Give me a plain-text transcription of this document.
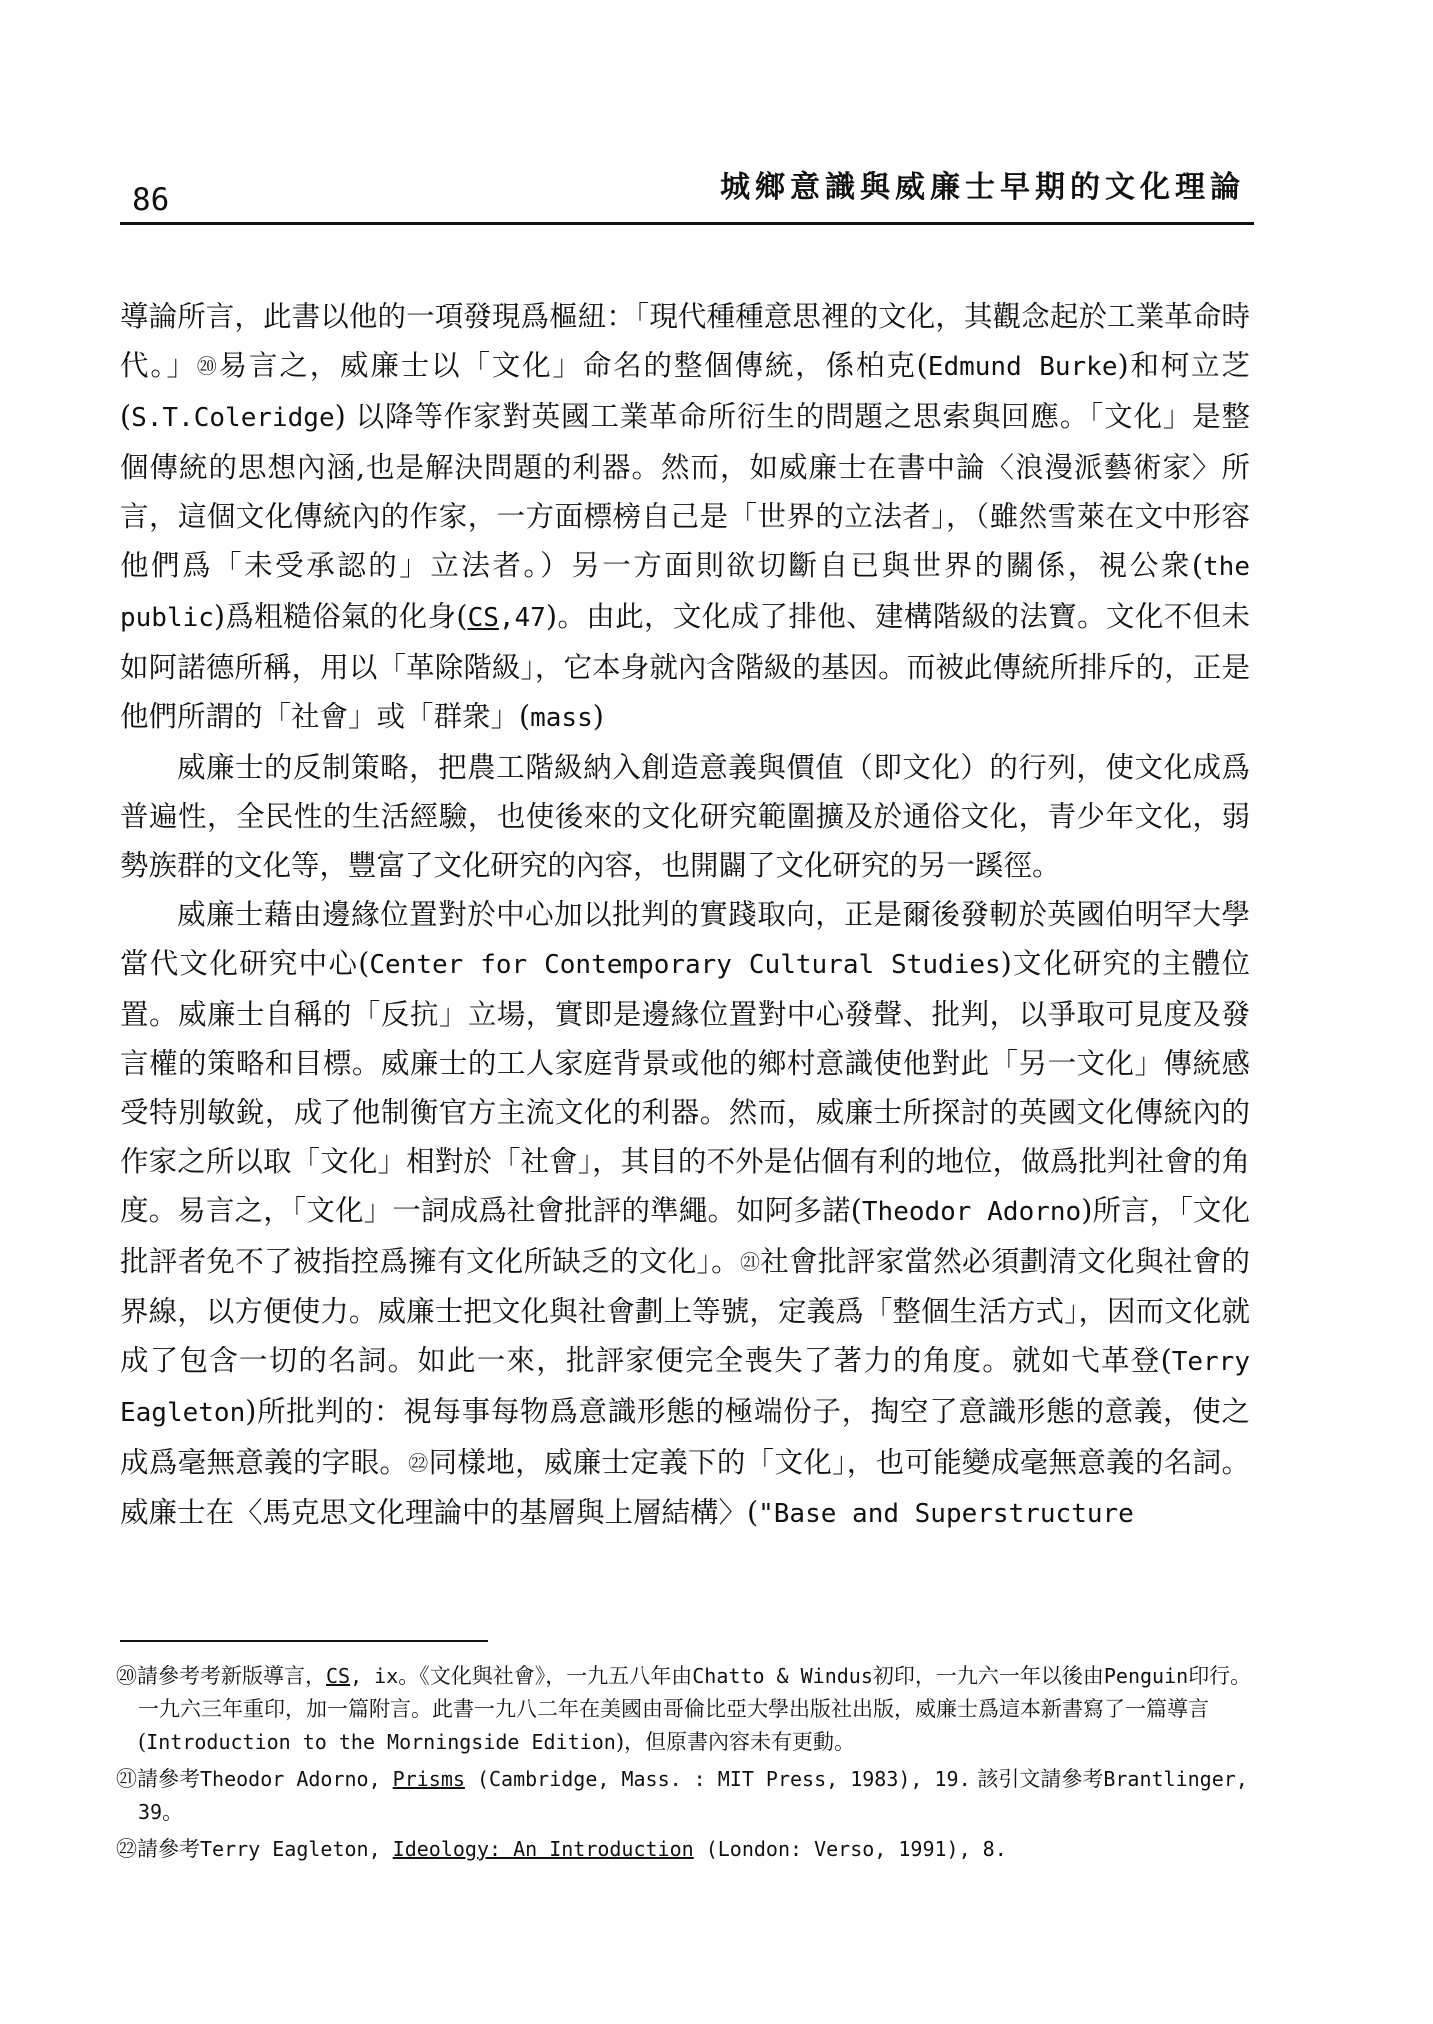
86	城鄉意識與威廉士早期的文化理論

導論所言，此書以他的一項發現爲樞紐：「現代種種意思裡的文化，其觀念起於工業革命時代。」⑳易言之，威廉士以「文化」命名的整個傳統，係柏克(Edmund Burke)和柯立芝(S.T.Coleridge) 以降等作家對英國工業革命所衍生的問題之思索與回應。「文化」是整個傳統的思想內涵,也是解決問題的利器。然而，如威廉士在書中論〈浪漫派藝術家〉所言，這個文化傳統內的作家，一方面標榜自己是「世界的立法者」，（雖然雪萊在文中形容他們爲「未受承認的」立法者。）另一方面則欲切斷自已與世界的關係，視公衆(the public)爲粗糙俗氣的化身(CS,47)。由此，文化成了排他、建構階級的法寶。文化不但未如阿諾德所稱，用以「革除階級」，它本身就內含階級的基因。而被此傳統所排斥的，正是他們所謂的「社會」或「群衆」(mass)

威廉士的反制策略，把農工階級納入創造意義與價值（即文化）的行列，使文化成爲普遍性，全民性的生活經驗，也使後來的文化研究範圍擴及於通俗文化，青少年文化，弱勢族群的文化等，豐富了文化研究的內容，也開闢了文化研究的另一蹊徑。

威廉士藉由邊緣位置對於中心加以批判的實踐取向，正是爾後發軔於英國伯明罕大學當代文化研究中心(Center for Contemporary Cultural Studies)文化研究的主體位置。威廉士自稱的「反抗」立場，實即是邊緣位置對中心發聲、批判，以爭取可見度及發言權的策略和目標。威廉士的工人家庭背景或他的鄉村意識使他對此「另一文化」傳統感受特別敏銳，成了他制衡官方主流文化的利器。然而，威廉士所探討的英國文化傳統內的作家之所以取「文化」相對於「社會」，其目的不外是佔個有利的地位，做爲批判社會的角度。易言之，「文化」一詞成爲社會批評的準繩。如阿多諾(Theodor Adorno)所言，「文化批評者免不了被指控爲擁有文化所缺乏的文化」。㉑社會批評家當然必須劃清文化與社會的界線，以方便使力。威廉士把文化與社會劃上等號，定義爲「整個生活方式」，因而文化就成了包含一切的名詞。如此一來，批評家便完全喪失了著力的角度。就如弋革登(Terry Eagleton)所批判的：視每事每物爲意識形態的極端份子，掏空了意識形態的意義，使之成爲毫無意義的字眼。㉒同樣地，威廉士定義下的「文化」，也可能變成毫無意義的名詞。威廉士在〈馬克思文化理論中的基層與上層結構〉("Base and Superstructure

⑳請參考考新版導言，CS, ix。《文化與社會》，一九五八年由Chatto & Windus初印，一九六一年以後由Penguin印行。一九六三年重印，加一篇附言。此書一九八二年在美國由哥倫比亞大學出版社出版，威廉士爲這本新書寫了一篇導言(Introduction to the Morningside Edition)，但原書內容未有更動。

㉑請參考Theodor Adorno, Prisms (Cambridge, Mass. : MIT Press, 1983), 19. 該引文請參考Brantlinger, 39。

㉒請參考Terry Eagleton, Ideology: An Introduction (London: Verso, 1991), 8.
